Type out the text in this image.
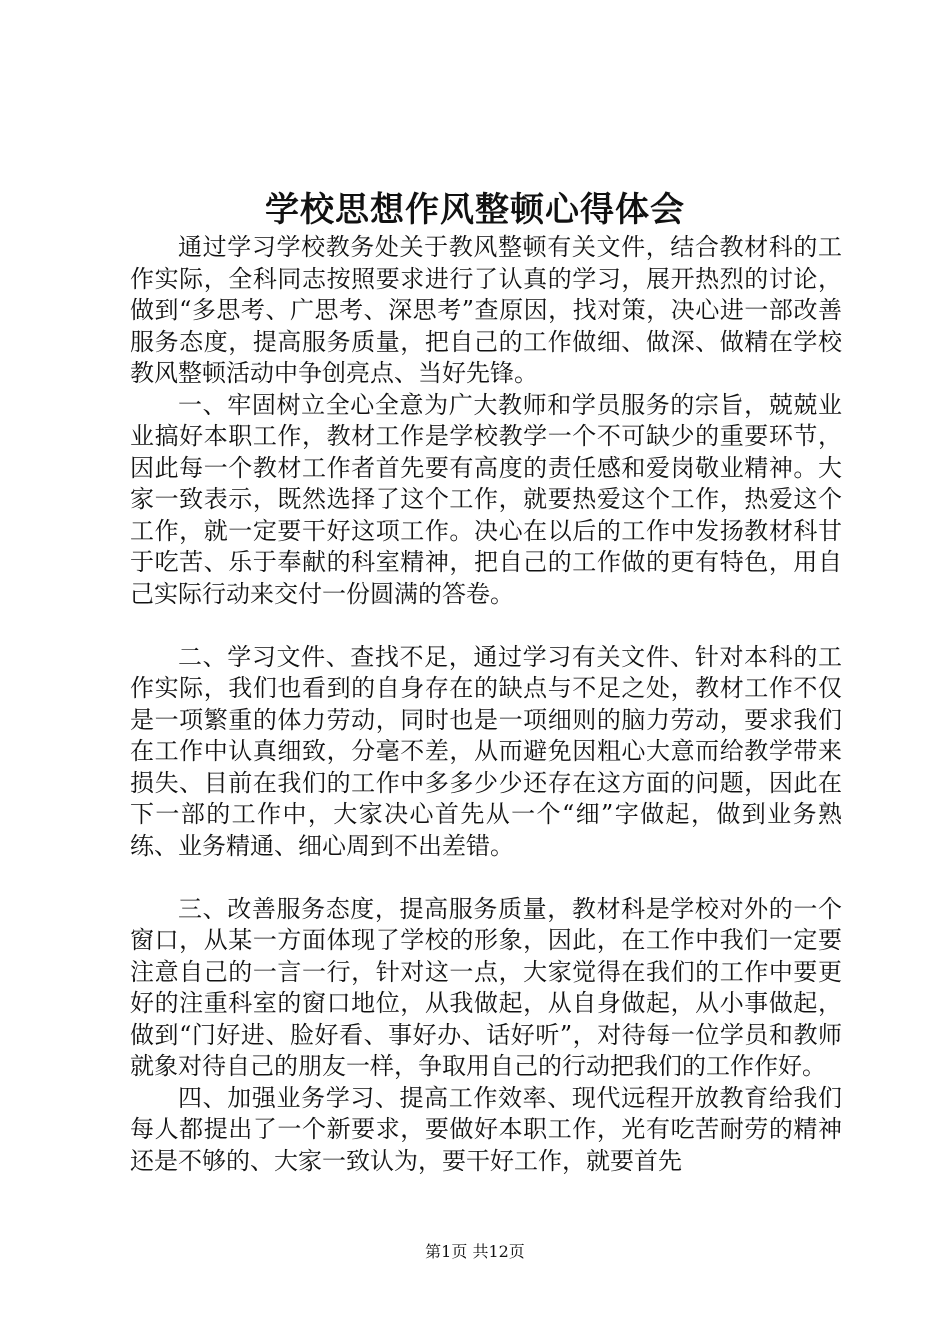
学校思想作风整顿心得体会

通过学习学校教务处关于教风整顿有关文件，结合教材科的工作实际，全科同志按照要求进行了认真的学习，展开热烈的讨论，做到“多思考、广思考、深思考”查原因，找对策，决心进一部改善服务态度，提高服务质量，把自己的工作做细、做深、做精在学校教风整顿活动中争创亮点、当好先锋。

一、牢固树立全心全意为广大教师和学员服务的宗旨，兢兢业业搞好本职工作，教材工作是学校教学一个不可缺少的重要环节，因此每一个教材工作者首先要有高度的责任感和爱岗敬业精神。大家一致表示，既然选择了这个工作，就要热爱这个工作，热爱这个工作，就一定要干好这项工作。决心在以后的工作中发扬教材科甘于吃苦、乐于奉献的科室精神，把自己的工作做的更有特色，用自己实际行动来交付一份圆满的答卷。

二、学习文件、查找不足，通过学习有关文件、针对本科的工作实际，我们也看到的自身存在的缺点与不足之处，教材工作不仅是一项繁重的体力劳动，同时也是一项细则的脑力劳动，要求我们在工作中认真细致，分毫不差，从而避免因粗心大意而给教学带来损失、目前在我们的工作中多多少少还存在这方面的问题，因此在下一部的工作中，大家决心首先从一个“细”字做起，做到业务熟练、业务精通、细心周到不出差错。

三、改善服务态度，提高服务质量，教材科是学校对外的一个窗口，从某一方面体现了学校的形象，因此，在工作中我们一定要注意自己的一言一行，针对这一点，大家觉得在我们的工作中要更好的注重科室的窗口地位，从我做起，从自身做起，从小事做起，做到“门好进、脸好看、事好办、话好听”，对待每一位学员和教师就象对待自己的朋友一样，争取用自己的行动把我们的工作作好。

四、加强业务学习、提高工作效率、现代远程开放教育给我们每人都提出了一个新要求，要做好本职工作，光有吃苦耐劳的精神还是不够的、大家一致认为，要干好工作，就要首先

第1页 共12页
